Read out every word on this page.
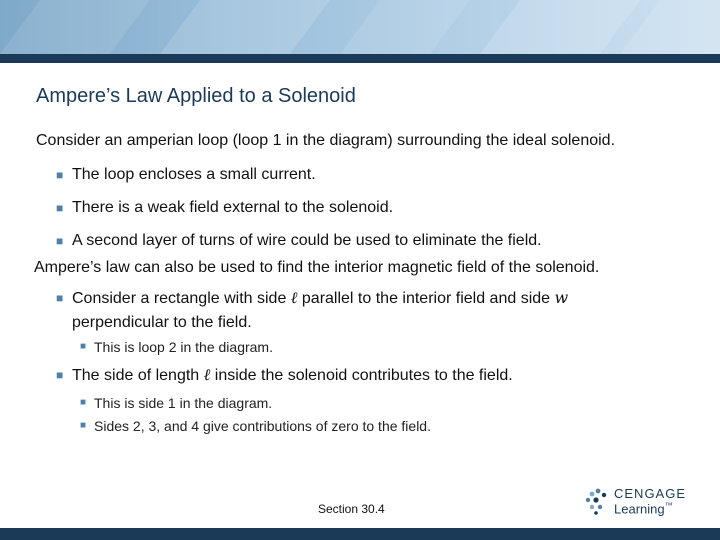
Ampere’s Law Applied to a Solenoid

Consider an amperian loop (loop 1 in the diagram) surrounding the ideal solenoid.

■ The loop encloses a small current.
■ There is a weak field external to the solenoid.
■ A second layer of turns of wire could be used to eliminate the field.

Ampere’s law can also be used to find the interior magnetic field of the solenoid.

■ Consider a rectangle with side ℓ parallel to the interior field and side w
perpendicular to the field.
■ This is loop 2 in the diagram.
■ The side of length ℓ inside the solenoid contributes to the field.
■ This is side 1 in the diagram.
■ Sides 2, 3, and 4 give contributions of zero to the field.
Section 30.4
CENGAGE
Learning™
